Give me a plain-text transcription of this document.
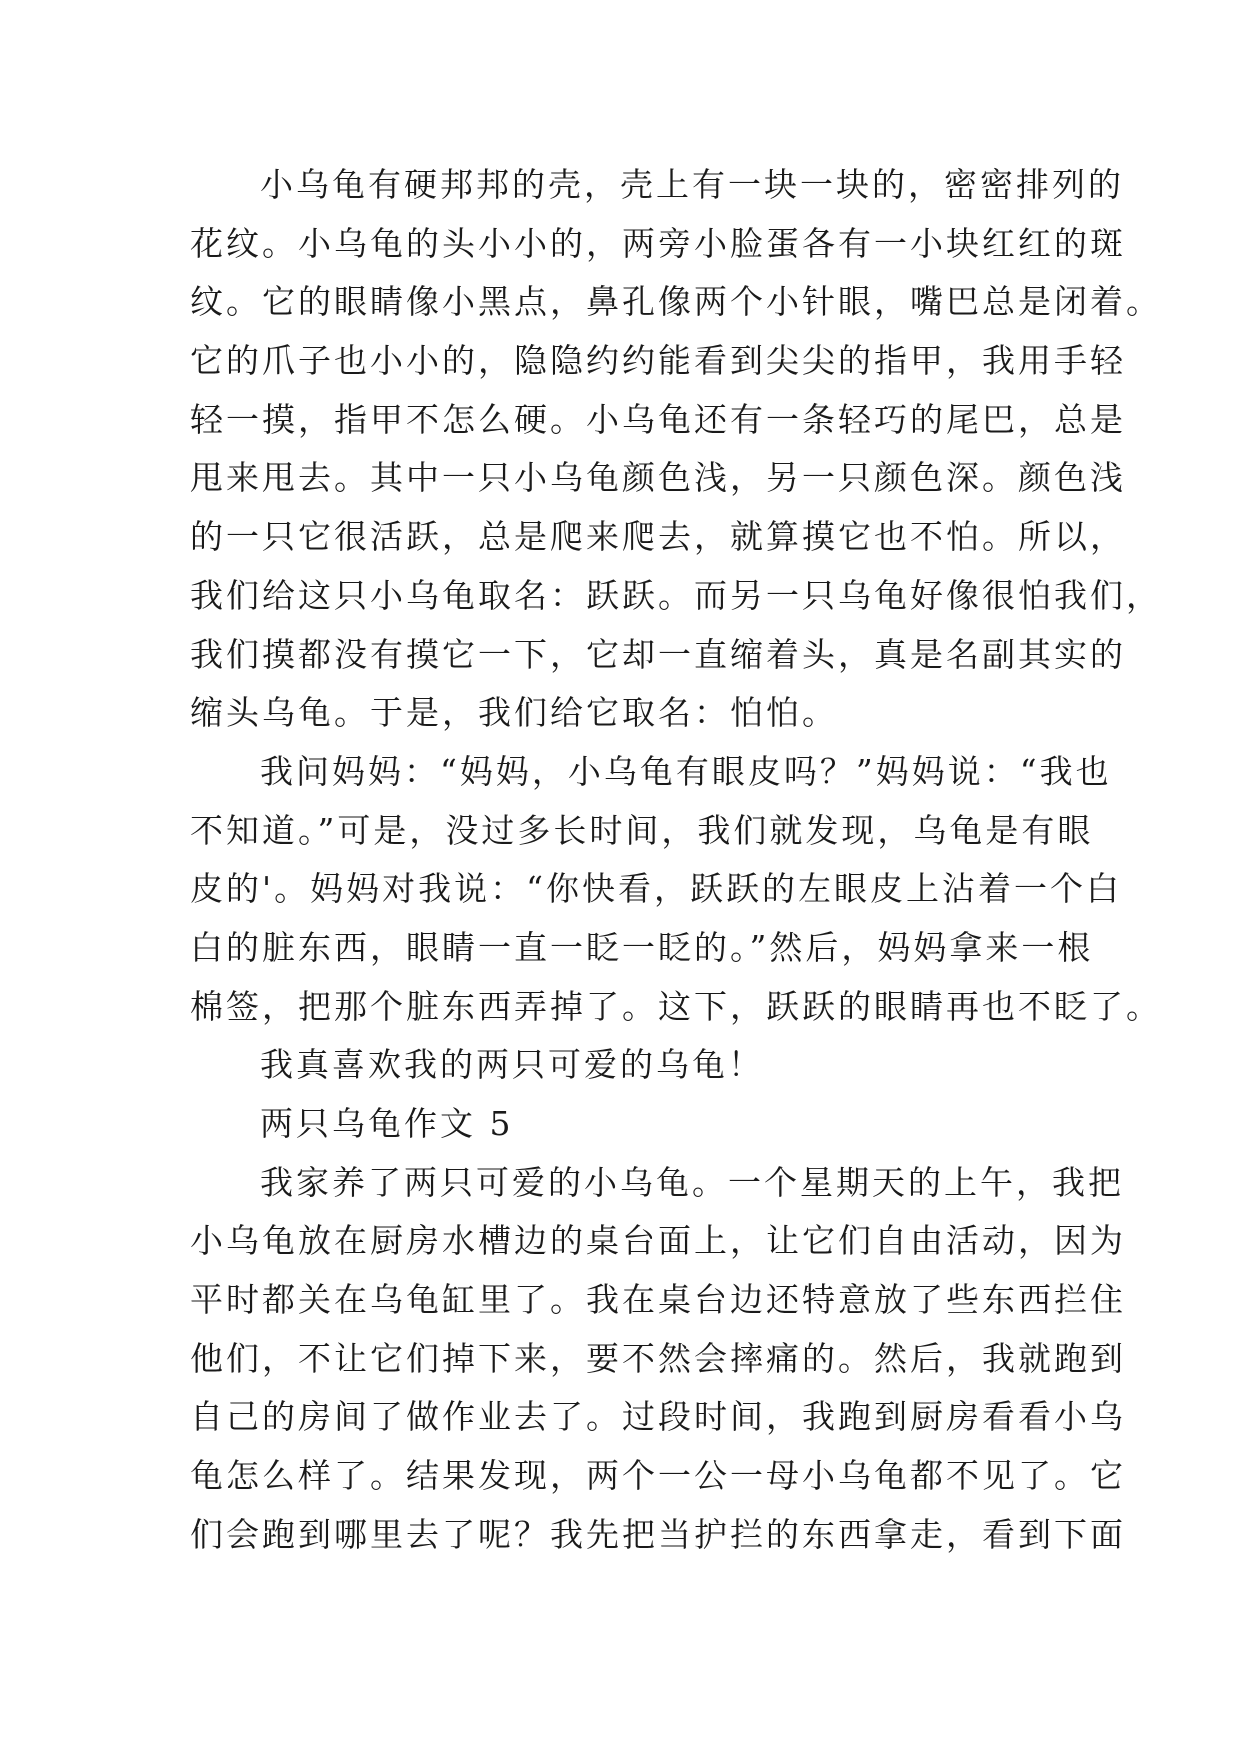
小乌龟有硬邦邦的壳，壳上有一块一块的，密密排列的
花纹。小乌龟的头小小的，两旁小脸蛋各有一小块红红的斑
纹。它的眼睛像小黑点，鼻孔像两个小针眼，嘴巴总是闭着。
它的爪子也小小的，隐隐约约能看到尖尖的指甲，我用手轻
轻一摸，指甲不怎么硬。小乌龟还有一条轻巧的尾巴，总是
甩来甩去。其中一只小乌龟颜色浅，另一只颜色深。颜色浅
的一只它很活跃，总是爬来爬去，就算摸它也不怕。所以，
我们给这只小乌龟取名：跃跃。而另一只乌龟好像很怕我们，
我们摸都没有摸它一下，它却一直缩着头，真是名副其实的
缩头乌龟。于是，我们给它取名：怕怕。
我问妈妈：“妈妈，小乌龟有眼皮吗？”妈妈说：“我也
不知道。”可是，没过多长时间，我们就发现，乌龟是有眼
皮的'。妈妈对我说：“你快看，跃跃的左眼皮上沾着一个白
白的脏东西，眼睛一直一眨一眨的。”然后，妈妈拿来一根
棉签，把那个脏东西弄掉了。这下，跃跃的眼睛再也不眨了。
我真喜欢我的两只可爱的乌龟！
两只乌龟作文 5
我家养了两只可爱的小乌龟。一个星期天的上午，我把
小乌龟放在厨房水槽边的桌台面上，让它们自由活动，因为
平时都关在乌龟缸里了。我在桌台边还特意放了些东西拦住
他们，不让它们掉下来，要不然会摔痛的。然后，我就跑到
自己的房间了做作业去了。过段时间，我跑到厨房看看小乌
龟怎么样了。结果发现，两个一公一母小乌龟都不见了。它
们会跑到哪里去了呢？我先把当护拦的东西拿走，看到下面
